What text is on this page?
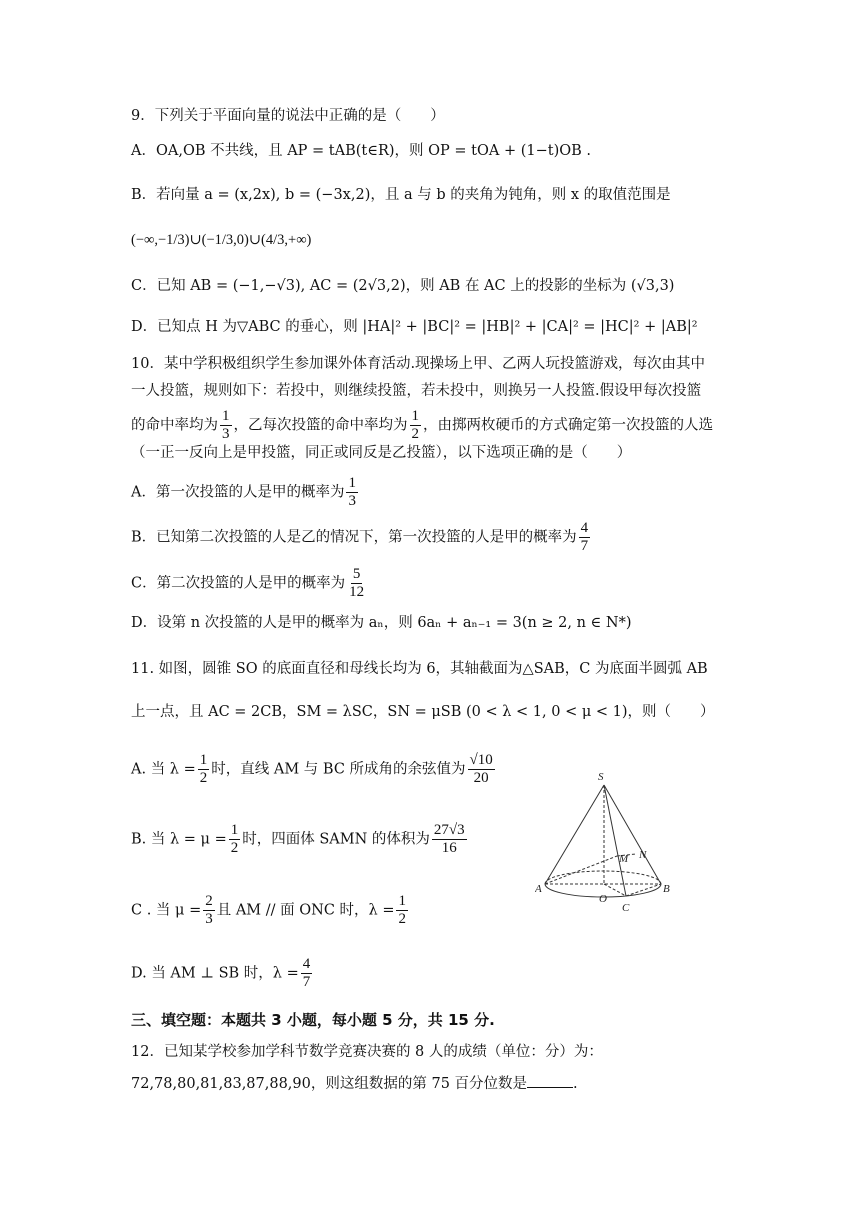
9．下列关于平面向量的说法中正确的是（　　）
A．OA,OB 不共线，且 AP = tAB(t∈R)，则 OP = tOA + (1−t)OB .
B．若向量 a = (x,2x), b = (−3x,2)，且 a 与 b 的夹角为钝角，则 x 的取值范围是
(−∞,−1/3)∪(−1/3,0)∪(4/3,+∞)
C．已知 AB = (−1,−√3), AC = (2√3,2)，则 AB 在 AC 上的投影的坐标为 (√3,3)
D．已知点 H 为▽ABC 的垂心，则 |HA|² + |BC|² = |HB|² + |CA|² = |HC|² + |AB|²
10．某中学积极组织学生参加课外体育活动.现操场上甲、乙两人玩投篮游戏，每次由其中
一人投篮，规则如下：若投中，则继续投篮，若未投中，则换另一人投篮.假设甲每次投篮
的命中率均为 $\frac{1}{3}$ ，乙每次投篮的命中率均为 $\frac{1}{2}$ ，由掷两枚硬币的方式确定第一次投篮的人选
（一正一反向上是甲投篮，同正或同反是乙投篮），以下选项正确的是（　　）
A．第一次投篮的人是甲的概率为 $\frac{1}{3}$
B．已知第二次投篮的人是乙的情况下，第一次投篮的人是甲的概率为 $\frac{4}{7}$
C．第二次投篮的人是甲的概率为 $\frac{5}{12}$
D．设第 n 次投篮的人是甲的概率为 aₙ，则 6aₙ + aₙ₋₁ = 3(n ≥ 2, n ∈ N*)
11. 如图，圆锥 SO 的底面直径和母线长均为 6，其轴截面为△SAB，C 为底面半圆弧 AB
上一点，且 AC = 2CB，SM = λSC，SN = μSB (0 < λ < 1, 0 < μ < 1)，则（　　）
A. 当 $\lambda = \frac{1}{2}$ 时，直线 AM 与 BC 所成角的余弦值为 $\frac{√10}{20}$
B. 当 $\lambda = \mu = \frac{1}{2}$ 时，四面体 SAMN 的体积为 $\frac{27√3}{16}$
C . 当 $\mu = \frac{2}{3}$ 且 AM // 面 ONC 时，$\lambda = \frac{1}{2}$
D. 当 AM ⊥ SB 时，$\lambda = \frac{4}{7}$
S
A	B
O
C
M N
三、填空题：本题共 3 小题，每小题 5 分，共 15 分.
12．已知某学校参加学科节数学竞赛决赛的 8 人的成绩（单位：分）为：
72,78,80,81,83,87,88,90，则这组数据的第 75 百分位数是	.
